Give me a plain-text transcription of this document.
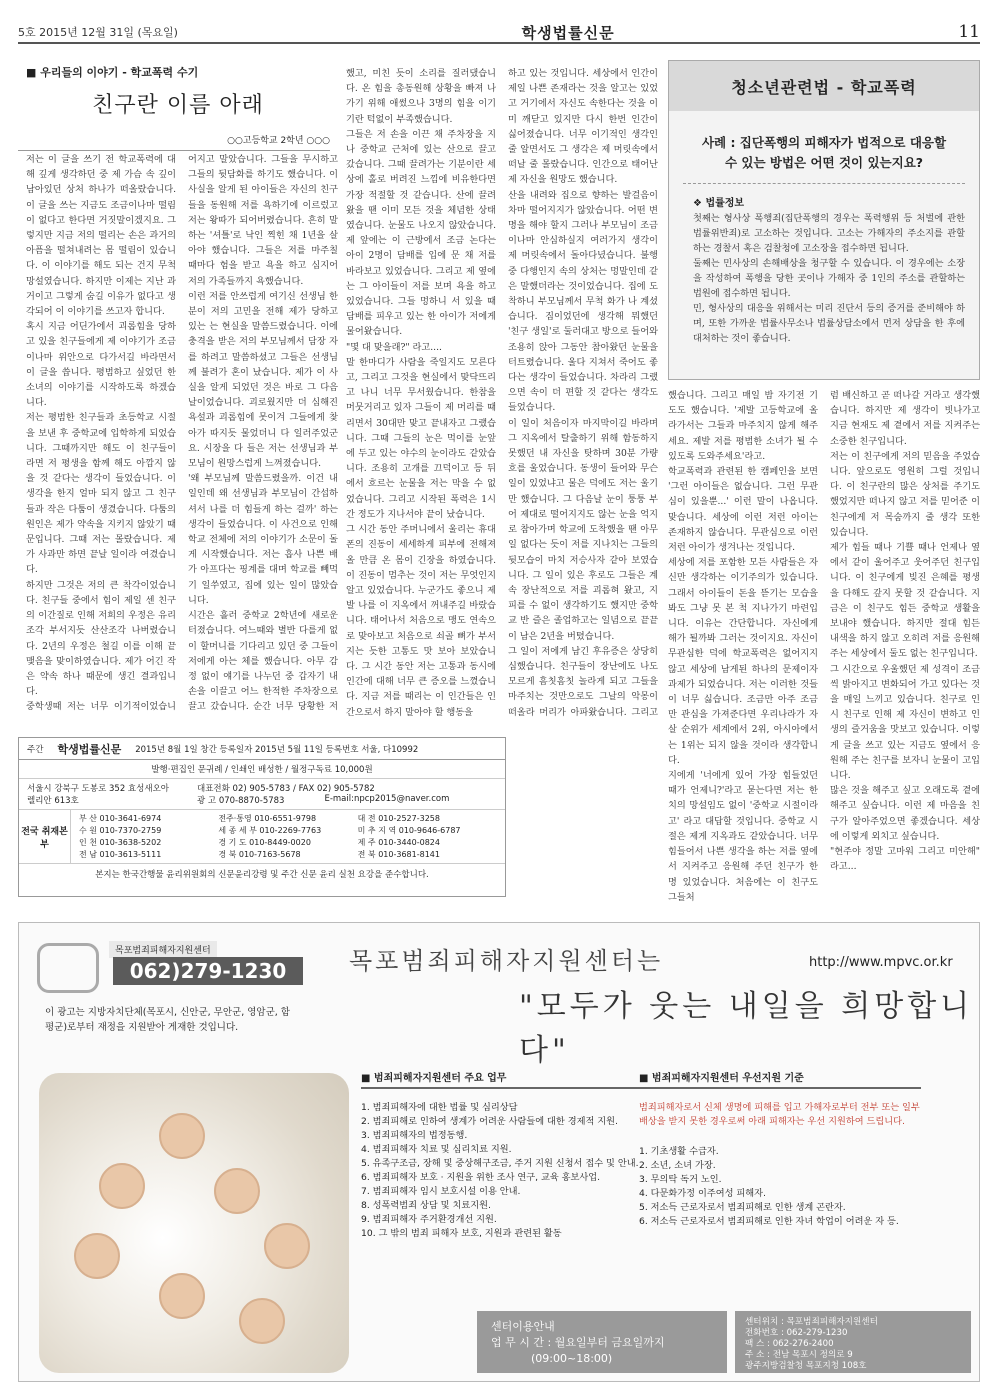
5호 2015년 12월 31일 (목요일)	학생법률신문	11
■ 우리들의 이야기 - 학교폭력 수기
친구란 이름 아래
○○고등학교 2학년 ○○○
저는 이 글을 쓰기 전 학교폭력에 대해 깊게 생각하던 중 제 가슴 속 깊이 남아있던 상처 하나가 떠올랐습니다. 이 글을 쓰는 지금도 조금이나마 떨림이 없다고 한다면 거짓말이겠지요. 그렇지만 지금 저의 떨리는 손은 과거의 아픔을 떨쳐내려는 몸 떨림이 있습니다. 이 이야기를 해도 되는 건지 무척 망설였습니다. 하지만 이제는 지난 과거이고 그렇게 숨길 이유가 없다고 생각되어 이 이야기를 쓰고자 합니다.
혹시 지금 어딘가에서 괴롭힘을 당하고 있을 친구들에게 제 이야기가 조금이나마 위안으로 다가서길 바라면서 이 글을 씁니다. 평범하고 싶었던 한 소녀의 이야기를 시작하도록 하겠습니다.
저는 평범한 친구들과 초등학교 시절을 보낸 후 중학교에 입학하게 되었습니다. 그때까지만 해도 이 친구들이 라면 저 평생을 함께 해도 아깝지 않을 것 같다는 생각이 들었습니다. 이 생각을 한지 얼마 되지 않고 그 친구들과 작은 다툼이 생겼습니다. 다툼의 원인은 제가 약속을 지키지 않았기 때문입니다. 그때 저는 몰랐습니다. 제가 사과만 하면 끝날 일이라 여겼습니다.
하지만 그것은 저의 큰 착각이었습니다. 친구들 중에서 힘이 제일 센 친구의 이간질로 인해 저희의 우정은 유리조각 부서지듯 산산조각 나버렸습니다. 2년의 우정은 철길 이를 이해 끝맺음을 맞이하였습니다. 제가 어긴 작은 약속 하나 때문에 생긴 결과입니다.
중학생때 저는 너무 이기적이었습니
어지고 말았습니다. 그들을 무시하고 그들의 뒷담화를 하기도 했습니다. 이 사실을 알게 된 아이들은 자신의 친구들을 동원해 저를 욕하기에 이르렀고 저는 왕따가 되어버렸습니다. 흔히 말하는 '셔틀'로 낙인 찍힌 채 1년을 살아야 했습니다. 그들은 저를 마주칠 때마다 험을 받고 욕을 하고 심지어 저의 가족들까지 욕했습니다.
이런 저를 안쓰럽게 여기신 선생님 한 분이 저의 고민을 전해 제가 당하고 있는 는 현실을 말씀드렸습니다. 이에 충격을 받은 저의 부모님께서 담장 자를 하려고 말씀하셨고 그들은 선생님께 불려가 혼이 났습니다. 제가 이 사실을 알게 되었던 것은 바로 그 다음날이었습니다. 괴로웠지만 더 심해진 욕설과 괴롭힘에 못이겨 그들에게 찾아가 따지듯 물었더니 다 일러주었군요. 시장을 다 들은 저는 선생님과 부모님이 원망스럽게 느껴졌습니다.
'왜 부모님께 말씀드렸을까. 이건 내 일인데 왜 선생님과 부모님이 간섭하셔서 나를 더 힘들게 하는 걸까' 하는 생각이 들었습니다. 이 사건으로 인해 학교 전체에 저의 이야기가 소문이 돌게 시작했습니다. 저는 흡사 나쁜 배가 아프다는 핑계를 대며 학교를 빼먹기 일쑤였고, 집에 있는 일이 많았습니다.
시간은 흘러 중학교 2학년에 새로운 터졌습니다. 여느때와 별반 다를게 없이 할머니를 기다리고 있던 중 그들이 저에게 아는 체를 했습니다. 아무 감정 없이 얘기를 나누던 중 갑자기 내 손을 이끌고 어느 한적한 주차장으로 끌고 갔습니다. 순간 너무 당황한 저
했고, 미친 듯이 소리를 질러댔습니다. 온 힘을 총동원해 상황을 빠져 나가기 위해 애썼으나 3명의 힘을 이기기란 턱없이 부족했습니다.
그들은 저 손을 이끈 채 주차장을 지나 중학교 근처에 있는 산으로 끌고 갔습니다. 그때 끌려가는 기분이란 세상에 홀로 버려진 느낌에 비유한다면 가장 적절할 것 같습니다. 산에 끌려왔을 땐 이미 모든 것을 체념한 상태였습니다. 눈물도 나오지 않았습니다. 제 앞에는 이 근방에서 조금 논다는 아이 2명이 담배를 입에 문 채 저를 바라보고 있었습니다. 그리고 제 옆에는 그 아이들이 저를 보며 욕을 하고 있었습니다. 그들 멍하니 서 있을 때 담배를 피우고 있는 한 아이가 저에게 물어왔습니다.
"몇 대 맞을래?" 라고....
말 한마디가 사람을 죽일지도 모른다고, 그리고 그것을 현실에서 맞닥뜨리고 나니 너무 무서웠습니다. 한참을 머뭇거리고 있자 그들이 제 머리를 때리면서 30대만 맞고 끝내자고 그랬습니다. 그때 그들의 눈은 먹이를 눈앞에 두고 있는 야수의 눈이라도 같았습니다. 조용히 고개를 끄덕이고 등 뒤에서 흐르는 눈물을 저는 막을 수 없었습니다. 그리고 시작된 폭력은 1시간 정도가 지나서야 끝이 났습니다.
그 시간 동안 주머니에서 울리는 휴대폰의 진동이 세세하게 피부에 전해져 올 만큼 온 몸이 긴장을 하였습니다. 이 진동이 멈추는 것이 저는 무엇인지 알고 있었습니다. 누군가도 좋으니 제발 나를 이 지옥에서 꺼내주길 바랐습니다. 태어나서 처음으로 맹도 연속으로 맞아보고 처음으로 쇠골 뼈가 부서지는 듯한 고통도 맛 보아 보았습니다. 그 시간 동안 저는 고통과 동시에 인간에 대해 너무 큰 증오를 느꼈습니다. 지금 저를 때리는 이 인간들은 인간으로서 하지 말아야 할 행동을
하고 있는 것입니다. 세상에서 인간이 제일 나쁜 존재라는 것을 알고는 있었고 거기에서 자신도 속한다는 것을 이미 깨닫고 있지만 다시 한번 인간이 싫어졌습니다. 너무 이기적인 생각인 줄 알면서도 그 생각은 제 머릿속에서 떠날 줄 몰랐습니다. 인간으로 태어난 제 자신을 원망도 했습니다.
산을 내려와 집으로 향하는 발걸음이 차마 떨어지지가 않았습니다. 어떤 변명을 해야 할지 그러나 부모님이 조금이나마 안심하실지 여러가지 생각이 제 머릿속에서 돌아다녔습니다. 불행 중 다행인지 속의 상처는 멍말인데 같은 말했더라는 것이었습니다. 집에 도착하니 부모님께서 무척 화가 나 계셨습니다. 짐이었던에 생각해 뭐했던 '친구 생일'로 둘러대고 방으로 들어와 조용히 앉아 그동안 참아왔던 눈물을 터트렸습니다. 울다 지쳐서 죽어도 좋다는 생각이 들었습니다. 차라리 그랬으면 속이 더 편할 것 같다는 생각도 들었습니다.
이 일이 처음이자 마지막이길 바라며 그 지옥에서 탈출하기 위해 함동하지 못했던 내 자신을 탓하며 30분 가량 흐를 울었습니다. 동생이 들어와 무슨 일이 있었냐고 물은 덕에도 저는 울기만 했습니다. 그 다음날 눈이 퉁퉁 부어 제대로 떨어지지도 않는 눈을 억지로 참아가며 학교에 도착했을 땐 아무 일 없다는 듯이 저를 지나치는 그들의 뒷모습이 마치 저승사자 같아 보였습니다. 그 일이 있은 후로도 그들은 계속 장난적으로 저를 괴롭혀 왔고, 지피를 수 없이 생각하기도 했지만 중학교 반 즐은 졸업하고는 일념으로 끝끝이 남은 2년을 버텼습니다.
그 일이 저에게 남긴 후유증은 상당히 심했습니다. 친구들이 장난에도 나도 모르게 흠칫흠칫 놀라게 되고 그들을 마주치는 것만으로도 그날의 악몽이 떠올라 머리가 아파왔습니다. 그리고

했습니다. 그리고 매일 밤 자기전 기도도 했습니다. '제발 고등학교에 올라가서는 그들과 마주치지 않게 해주세요. 제발 저를 평범한 소녀가 될 수 있도록 도와주세요'라고.
학교폭력과 관련된 한 캠페인을 보면 '그런 아이들은 없습니다. 그런 무관심이 있을뿐...' 이런 말이 나옵니다. 맞습니다. 세상에 이런 저런 아이는 존재하지 않습니다. 무관심으로 이런 저런 아이가 생겨나는 것입니다.
세상에 저를 포함한 모든 사람들은 자신만 생각하는 이기주의가 있습니다. 그래서 아이들이 돈을 뜯기는 모습을 봐도 그냥 못 본 척 지나가기 마련입니다. 이유는 간단합니다. 자신에게 해가 될까봐 그러는 것이지요. 자신이 무관심한 덕에 학교폭력은 없어지지 않고 세상에 남게된 하나의 문제이자 과제가 되었습니다. 저는 이러한 것들이 너무 싫습니다. 조금만 아주 조금만 관심을 가져준다면 우리나라가 자살 순위가 세계에서 2위, 아시아에서는 1위는 되지 않을 것이라 생각합니다.
지에게 '너에게 있어 가장 힘들었던 때가 언제니?'라고 묻는다면 저는 한치의 망설임도 없이 '중학교 시절이라고' 라고 대답할 것입니다. 중학교 시절은 제게 지옥과도 같았습니다. 너무 힘들어서 나쁜 생각을 하는 저를 옆에서 지켜주고 응원해 주던 친구가 한 명 있었습니다. 처음에는 이 친구도 그들처
럼 배신하고 곧 떠나갈 거라고 생각했습니다. 하지만 제 생각이 빗나가고 지금 현재도 제 곁에서 저를 지켜주는 소중한 친구입니다.
저는 이 친구에게 저의 믿음을 주었습니다. 앞으로도 영원히 그럴 것입니다. 이 친구란의 많은 상처를 주기도 했었지만 떠나지 않고 저를 믿어준 이 친구에게 저 목숨까지 줄 생각 또한 있습니다.
제가 힘들 때나 기쁠 때나 언제나 옆에서 같이 울어주고 웃어주던 친구입니다. 이 친구에게 빚진 은혜를 평생을 다해도 갚지 못할 것 같습니다. 지금은 이 친구도 힘든 중학교 생활을 보내야 했습니다. 하지만 절대 힘든 내색을 하지 않고 오히려 저를 응원해주는 세상에서 둘도 없는 친구입니다.
그 시간으로 우울했던 제 성격이 조금씩 밝아지고 변화되어 가고 있다는 것을 매일 느끼고 있습니다. 친구로 인시 친구로 인해 제 자신이 변하고 인생의 즐거움을 맛보고 있습니다. 이렇게 글을 쓰고 있는 지금도 옆에서 응원해 주는 친구를 보자니 눈물이 고입니다.
많은 것을 해주고 싶고 오래도록 곁에 해주고 싶습니다. 이런 제 마음을 친구가 알아주었으면 좋겠습니다. 세상에 이렇게 외치고 싶습니다.
"현주야 정말 고마워 그리고 미안해" 라고...
청소년관련법 - 학교폭력
사례 : 집단폭행의 피해자가 법적으로 대응할 수 있는 방법은 어떤 것이 있는지요?
❖ 법률정보
첫째는 형사상 폭행죄(집단폭행의 경우는 폭력행위 등 처벌에 관한 법률위반죄)로 고소하는 것입니다. 고소는 가해자의 주소지를 관할하는 경찰서 혹은 검찰청에 고소장을 접수하면 됩니다.
둘째는 민사상의 손해배상을 청구할 수 있습니다. 이 경우에는 소장을 작성하여 폭행을 당한 곳이나 가해자 중 1인의 주소를 관할하는 법원에 접수하면 됩니다.
민, 형사상의 대응을 위해서는 미리 진단서 등의 증거를 준비해야 하며, 또한 가까운 법률사무소나 법률상담소에서 먼저 상담을 한 후에 대처하는 것이 좋습니다.
주간 학생법률신문 2015년 8월 1일 창간 등록일자 2015년 5월 11일 등록번호 서울, 다10992
발행·편집인 문귀례 / 인쇄인 배성한 / 월정구독료 10,000원
서울시 강북구 도봉로 352 효성새오아렐리안 613호
대표전화 02) 905-5783 / FAX 02) 905-5782
광 고 070-8870-5783	E-mail:npcp2015@naver.com
전국 취재본부
부 산 010-3641-6974	전주·통영 010-6551-9798	대 전 010-2527-3258
수 원 010-7370-2759	세 종 세 부 010-2269-7763	미 추 지 역 010-9646-6787
인 천 010-3638-5202	경 기 도 010-8449-0020	제 주 010-3440-0824
전 남 010-3613-5111	경 북 010-7163-5678	전 북 010-3681-8141
본지는 한국간행물 윤리위원회의 신문윤리강령 및 주간 신문 윤리 실천 요강을 준수합니다.
목포범죄피해자지원센터
062)279-1230
이 광고는 지방자치단체(목포시, 신안군, 무안군, 영암군, 함평군)로부터 재정을 지원받아 게재한 것입니다.
목포범죄피해자지원센터는	http://www.mpvc.or.kr
"모두가 웃는 내일을 희망합니다"
■ 범죄피해자지원센터 주요 업무
1. 범죄피해자에 대한 법률 및 심리상담
2. 범죄피해로 인하여 생계가 어려운 사람들에 대한 경제적 지원.
3. 범죄피해자의 법정동행.
4. 범죄피해자 치료 및 심리치료 지원.
5. 유족구조금, 장해 및 중상해구조금, 주거 지원 신청서 접수 및 안내.
6. 범죄피해자 보호 · 지원을 위한 조사 연구, 교육 홍보사업.
7. 범죄피해자 임시 보호시설 이용 안내.
8. 성폭력범죄 상담 및 치료지원.
9. 범죄피해자 주거환경개선 지원.
10. 그 밖의 범죄 피해자 보호, 지원과 관련된 활동
■ 범죄피해자지원센터 우선지원 기준
범죄피해자로서 신체 생명에 피해를 입고 가해자로부터 전부 또는 일부 배상을 받지 못한 경우로써 아래 피해자는 우선 지원하여 드립니다.
1. 기초생활 수급자.
2. 소년, 소녀 가장.
3. 무의탁 독거 노인.
4. 다문화가정 이주여성 피해자.
5. 저소득 근로자로서 범죄피해로 인한 생계 곤란자.
6. 저소득 근로자로서 범죄피해로 인한 자녀 학업이 어려운 자 등.
센터이용안내
업 무 시 간 : 월요일부터 금요일까지
(09:00~18:00)
센터위치 : 목포범죄피해자지원센터
전화번호 : 062-279-1230
팩 스 : 062-276-2400
주 소 : 전남 목포시 정의로 9
광주지방검찰청 목포지청 108호
